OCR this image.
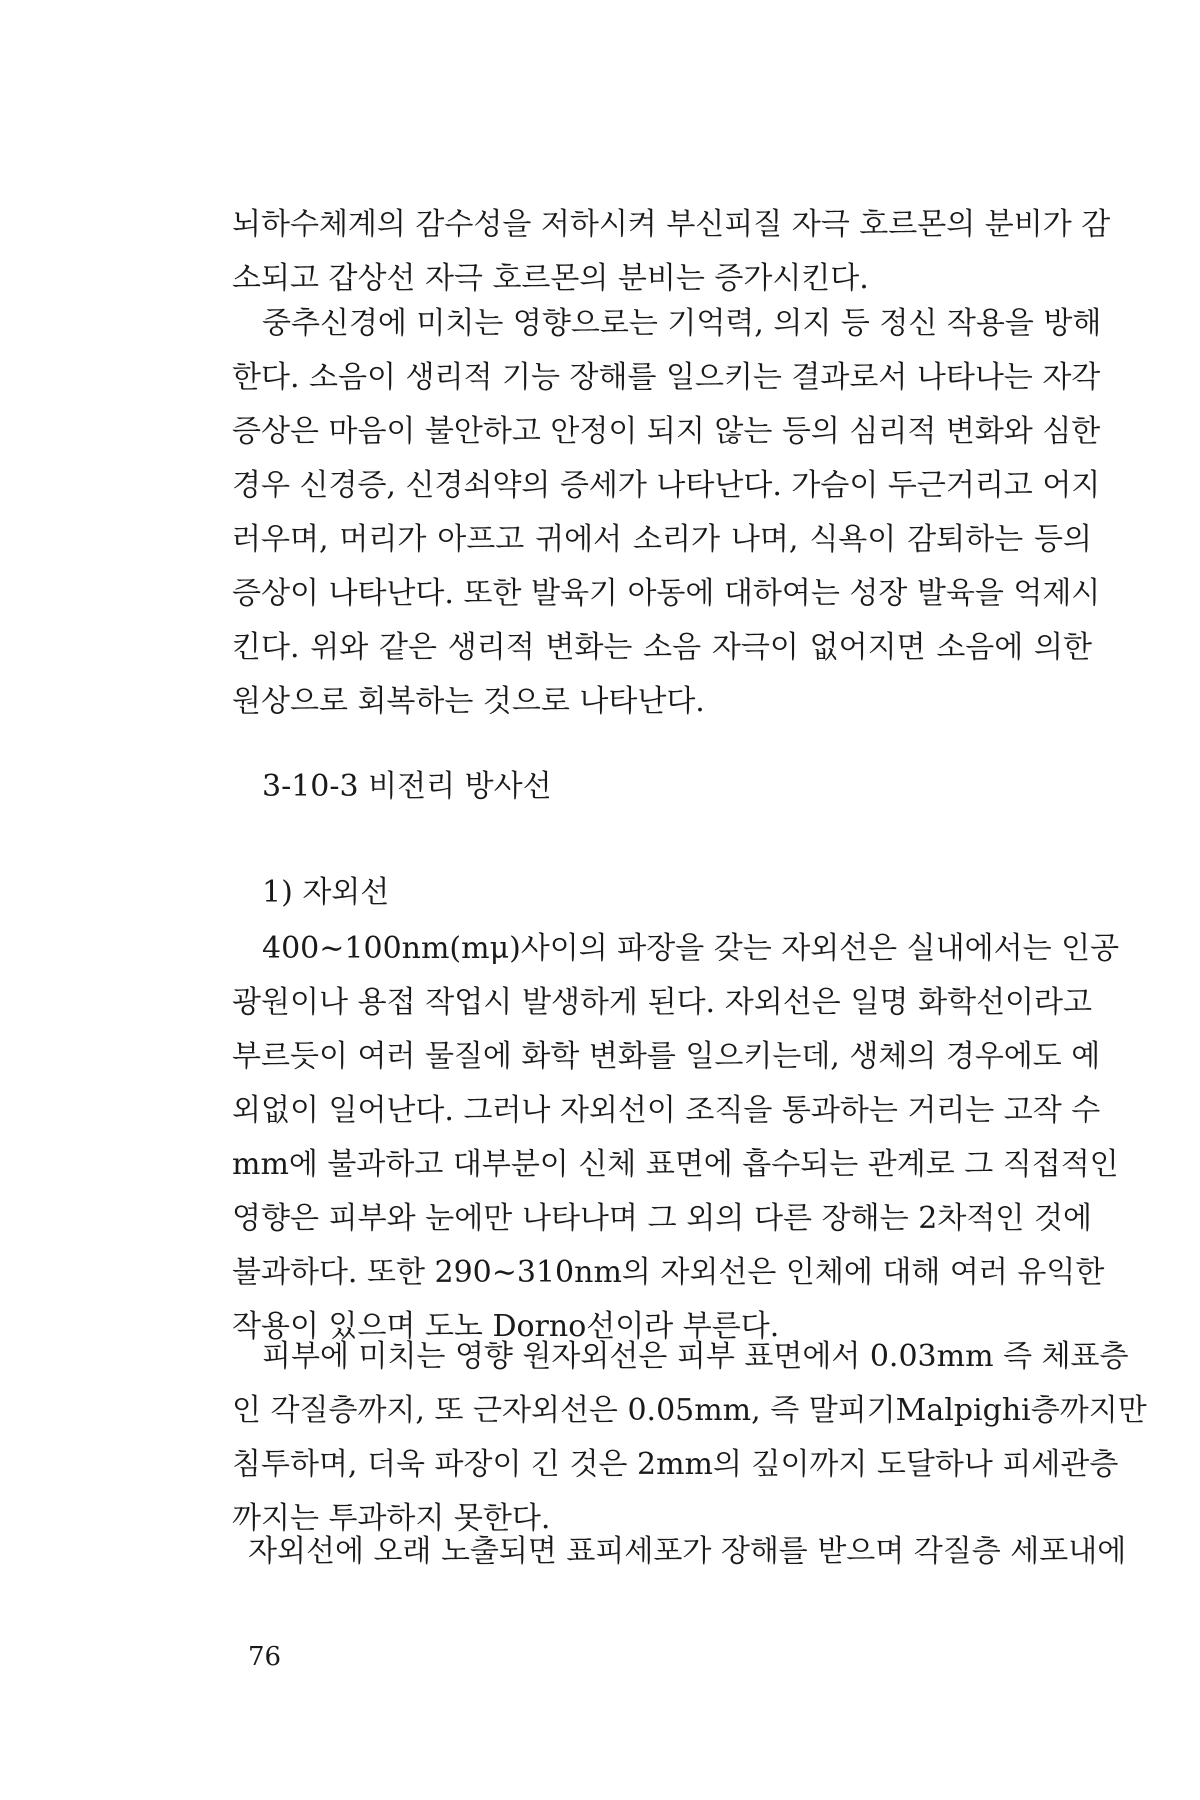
뇌하수체계의 감수성을 저하시켜 부신피질 자극 호르몬의 분비가 감
소되고 갑상선 자극 호르몬의 분비는 증가시킨다.
중추신경에 미치는 영향으로는 기억력, 의지 등 정신 작용을 방해
한다. 소음이 생리적 기능 장해를 일으키는 결과로서 나타나는 자각
증상은 마음이 불안하고 안정이 되지 않는 등의 심리적 변화와 심한
경우 신경증, 신경쇠약의 증세가 나타난다. 가슴이 두근거리고 어지
러우며, 머리가 아프고 귀에서 소리가 나며, 식욕이 감퇴하는 등의
증상이 나타난다. 또한 발육기 아동에 대하여는 성장 발육을 억제시
킨다. 위와 같은 생리적 변화는 소음 자극이 없어지면 소음에 의한
원상으로 회복하는 것으로 나타난다.
3-10-3 비전리 방사선
1) 자외선
400∼100nm(mμ)사이의 파장을 갖는 자외선은 실내에서는 인공
광원이나 용접 작업시 발생하게 된다. 자외선은 일명 화학선이라고
부르듯이 여러 물질에 화학 변화를 일으키는데, 생체의 경우에도 예
외없이 일어난다. 그러나 자외선이 조직을 통과하는 거리는 고작 수
mm에 불과하고 대부분이 신체 표면에 흡수되는 관계로 그 직접적인
영향은 피부와 눈에만 나타나며 그 외의 다른 장해는 2차적인 것에
불과하다. 또한 290∼310nm의 자외선은 인체에 대해 여러 유익한
작용이 있으며 도노 Dorno선이라 부른다.
피부에 미치는 영향 원자외선은 피부 표면에서 0.03mm 즉 체표층
인 각질층까지, 또 근자외선은 0.05mm, 즉 말피기Malpighi층까지만
침투하며, 더욱 파장이 긴 것은 2mm의 깊이까지 도달하나 피세관층
까지는 투과하지 못한다.
자외선에 오래 노출되면 표피세포가 장해를 받으며 각질층 세포내에
76
